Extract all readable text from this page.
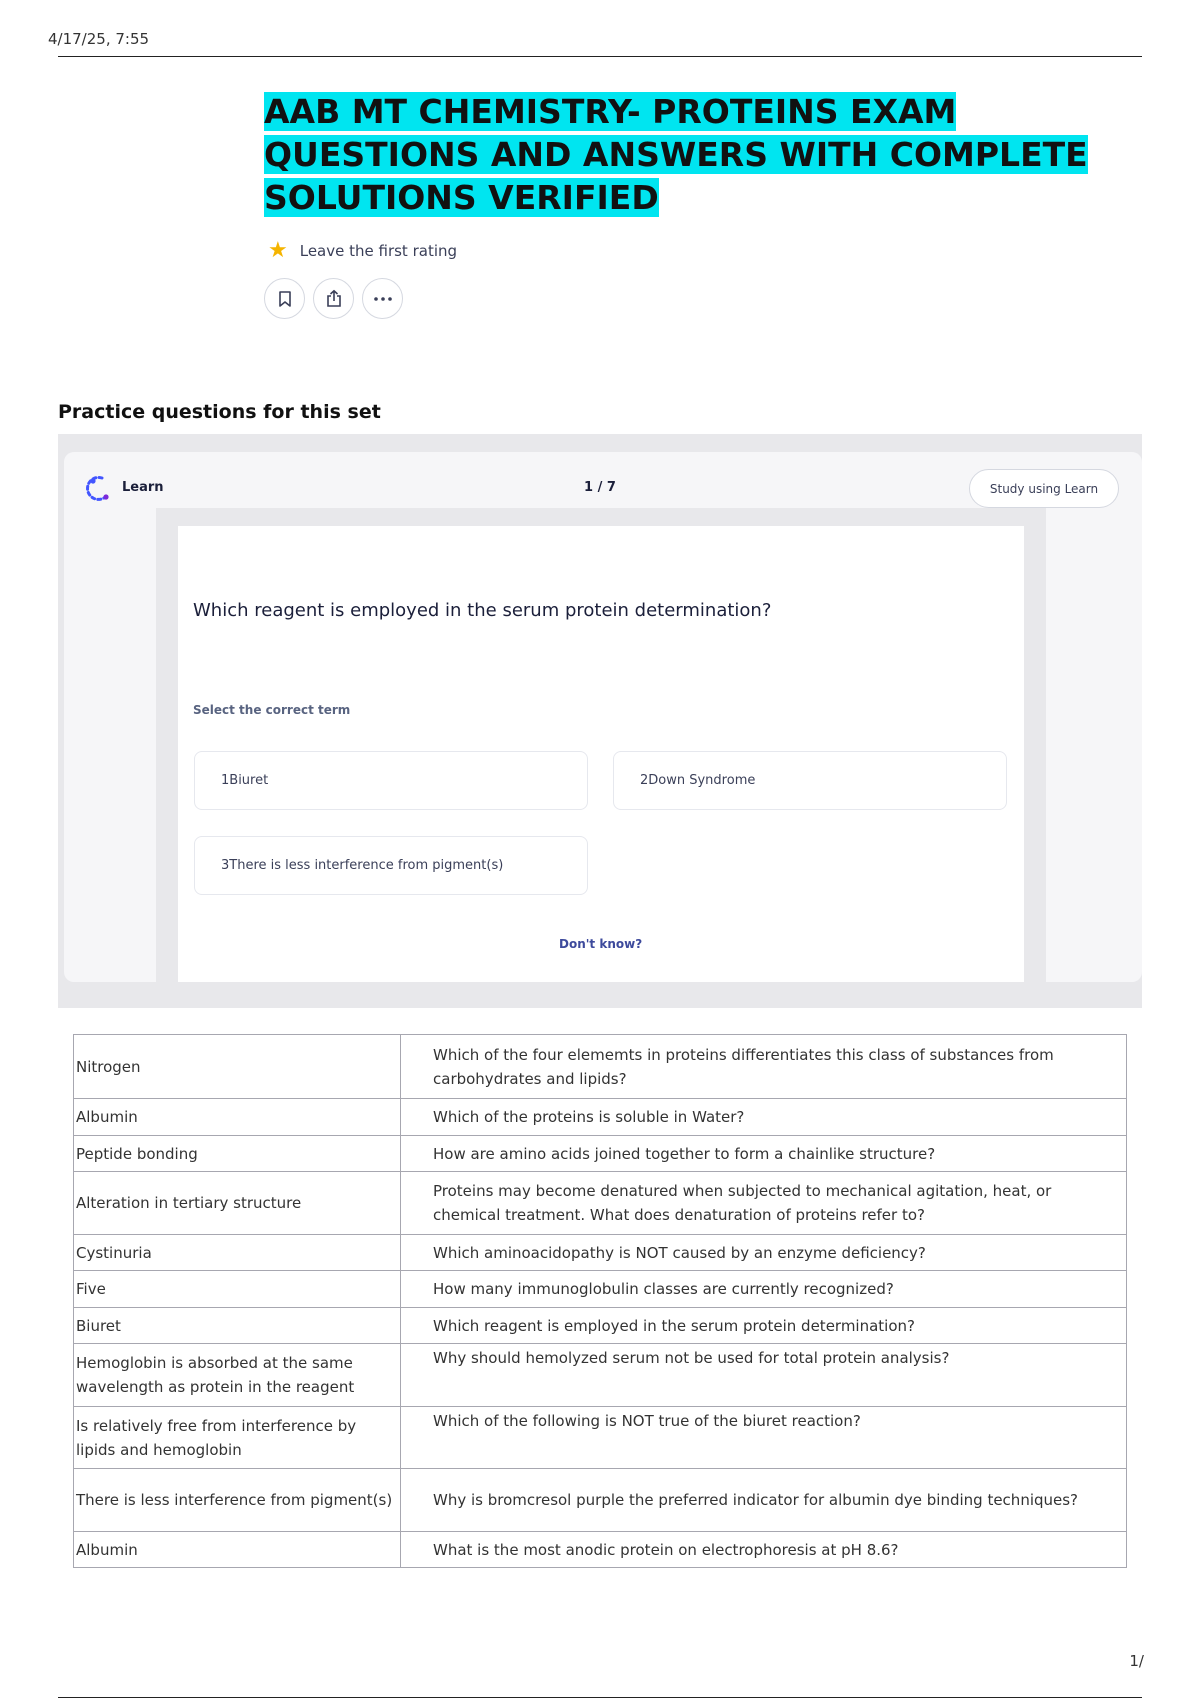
4/17/25, 7:55
AAB MT CHEMISTRY- PROTEINS EXAM QUESTIONS AND ANSWERS WITH COMPLETE SOLUTIONS VERIFIED
★ Leave the first rating
Practice questions for this set
Learn	1 / 7	Study using Learn
Which reagent is employed in the serum protein determination?
Select the correct term
1Biuret	2Down Syndrome
3There is less interference from pigment(s)
Don't know?
Nitrogen	Which of the four elememts in proteins differentiates this class of substances from carbohydrates and lipids?
Albumin	Which of the proteins is soluble in Water?
Peptide bonding	How are amino acids joined together to form a chainlike structure?
Alteration in tertiary structure	Proteins may become denatured when subjected to mechanical agitation, heat, or chemical treatment. What does denaturation of proteins refer to?
Cystinuria	Which aminoacidopathy is NOT caused by an enzyme deficiency?
Five	How many immunoglobulin classes are currently recognized?
Biuret	Which reagent is employed in the serum protein determination?
Hemoglobin is absorbed at the same wavelength as protein in the reagent	Why should hemolyzed serum not be used for total protein analysis?
Is relatively free from interference by lipids and hemoglobin	Which of the following is NOT true of the biuret reaction?
There is less interference from pigment(s)	Why is bromcresol purple the preferred indicator for albumin dye binding techniques?
Albumin	What is the most anodic protein on electrophoresis at pH 8.6?
1/
